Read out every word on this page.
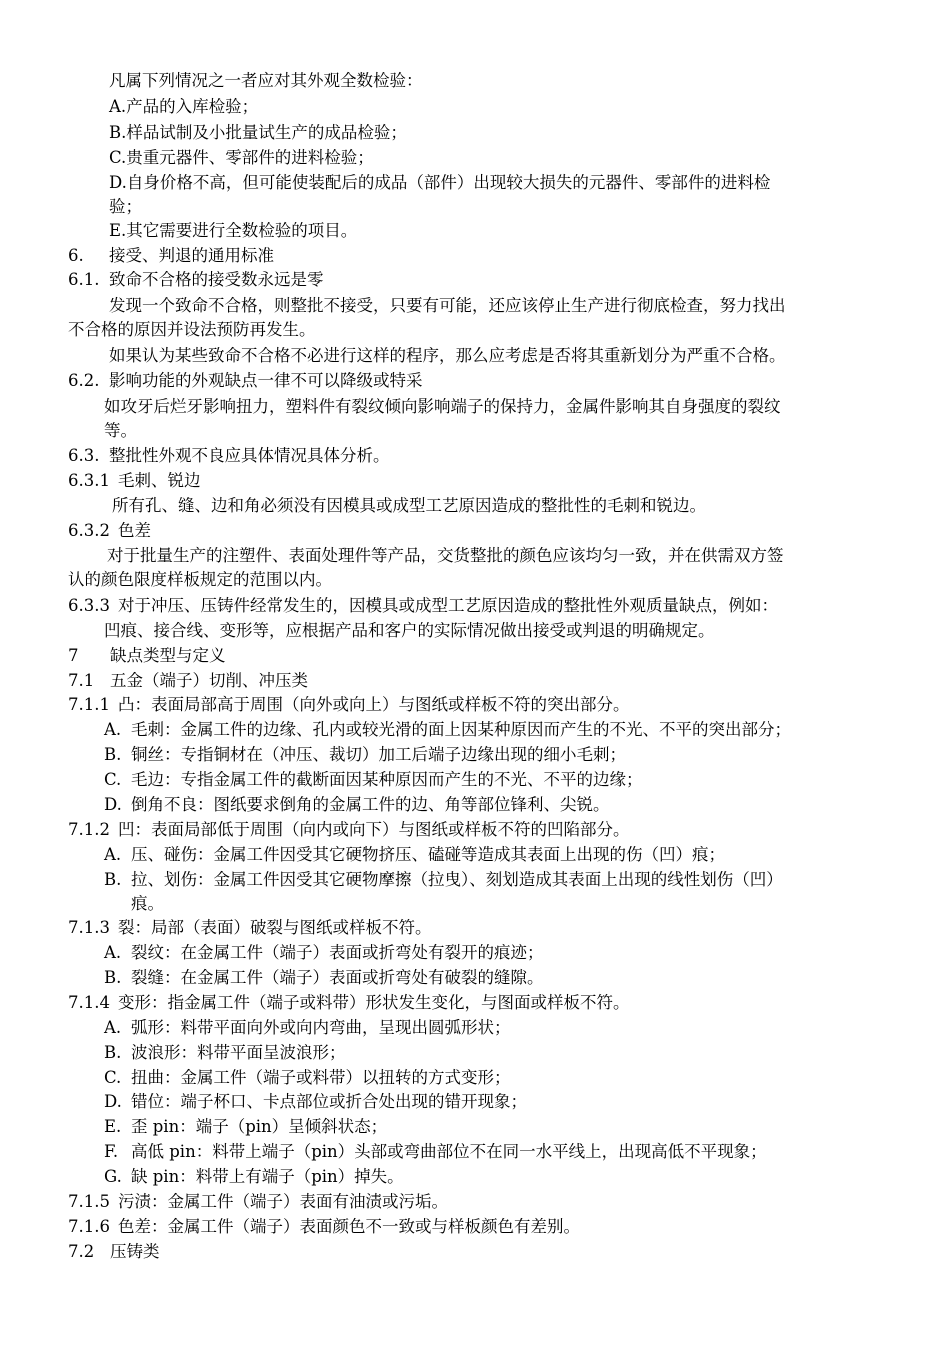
凡属下列情况之一者应对其外观全数检验：
A.产品的入库检验；
B.样品试制及小批量试生产的成品检验；
C.贵重元器件、零部件的进料检验；
D.自身价格不高，但可能使装配后的成品（部件）出现较大损失的元器件、零部件的进料检
验；
E.其它需要进行全数检验的项目。
6. 接受、判退的通用标准
6.1. 致命不合格的接受数永远是零
发现一个致命不合格，则整批不接受，只要有可能，还应该停止生产进行彻底检查，努力找出
不合格的原因并设法预防再发生。
如果认为某些致命不合格不必进行这样的程序，那么应考虑是否将其重新划分为严重不合格。
6.2. 影响功能的外观缺点一律不可以降级或特采
如攻牙后烂牙影响扭力，塑料件有裂纹倾向影响端子的保持力，金属件影响其自身强度的裂纹
等。
6.3. 整批性外观不良应具体情况具体分析。
6.3.1 毛刺、锐边
所有孔、缝、边和角必须没有因模具或成型工艺原因造成的整批性的毛刺和锐边。
6.3.2 色差
对于批量生产的注塑件、表面处理件等产品，交货整批的颜色应该均匀一致，并在供需双方签
认的颜色限度样板规定的范围以内。
6.3.3 对于冲压、压铸件经常发生的，因模具或成型工艺原因造成的整批性外观质量缺点，例如：
凹痕、接合线、变形等，应根据产品和客户的实际情况做出接受或判退的明确规定。
7 缺点类型与定义
7.1 五金（端子）切削、冲压类
7.1.1 凸：表面局部高于周围（向外或向上）与图纸或样板不符的突出部分。
A. 毛刺：金属工件的边缘、孔内或较光滑的面上因某种原因而产生的不光、不平的突出部分；
B. 铜丝：专指铜材在（冲压、裁切）加工后端子边缘出现的细小毛刺；
C. 毛边：专指金属工件的截断面因某种原因而产生的不光、不平的边缘；
D. 倒角不良：图纸要求倒角的金属工件的边、角等部位锋利、尖锐。
7.1.2 凹：表面局部低于周围（向内或向下）与图纸或样板不符的凹陷部分。
A. 压、碰伤：金属工件因受其它硬物挤压、磕碰等造成其表面上出现的伤（凹）痕；
B. 拉、划伤：金属工件因受其它硬物摩擦（拉曳）、刻划造成其表面上出现的线性划伤（凹）
痕。
7.1.3 裂：局部（表面）破裂与图纸或样板不符。
A. 裂纹：在金属工件（端子）表面或折弯处有裂开的痕迹；
B. 裂缝：在金属工件（端子）表面或折弯处有破裂的缝隙。
7.1.4 变形：指金属工件（端子或料带）形状发生变化，与图面或样板不符。
A. 弧形：料带平面向外或向内弯曲，呈现出圆弧形状；
B. 波浪形：料带平面呈波浪形；
C. 扭曲：金属工件（端子或料带）以扭转的方式变形；
D. 错位：端子杯口、卡点部位或折合处出现的错开现象；
E. 歪 pin：端子（pin）呈倾斜状态；
F. 高低 pin：料带上端子（pin）头部或弯曲部位不在同一水平线上，出现高低不平现象；
G. 缺 pin：料带上有端子（pin）掉失。
7.1.5 污渍：金属工件（端子）表面有油渍或污垢。
7.1.6 色差：金属工件（端子）表面颜色不一致或与样板颜色有差别。
7.2 压铸类
